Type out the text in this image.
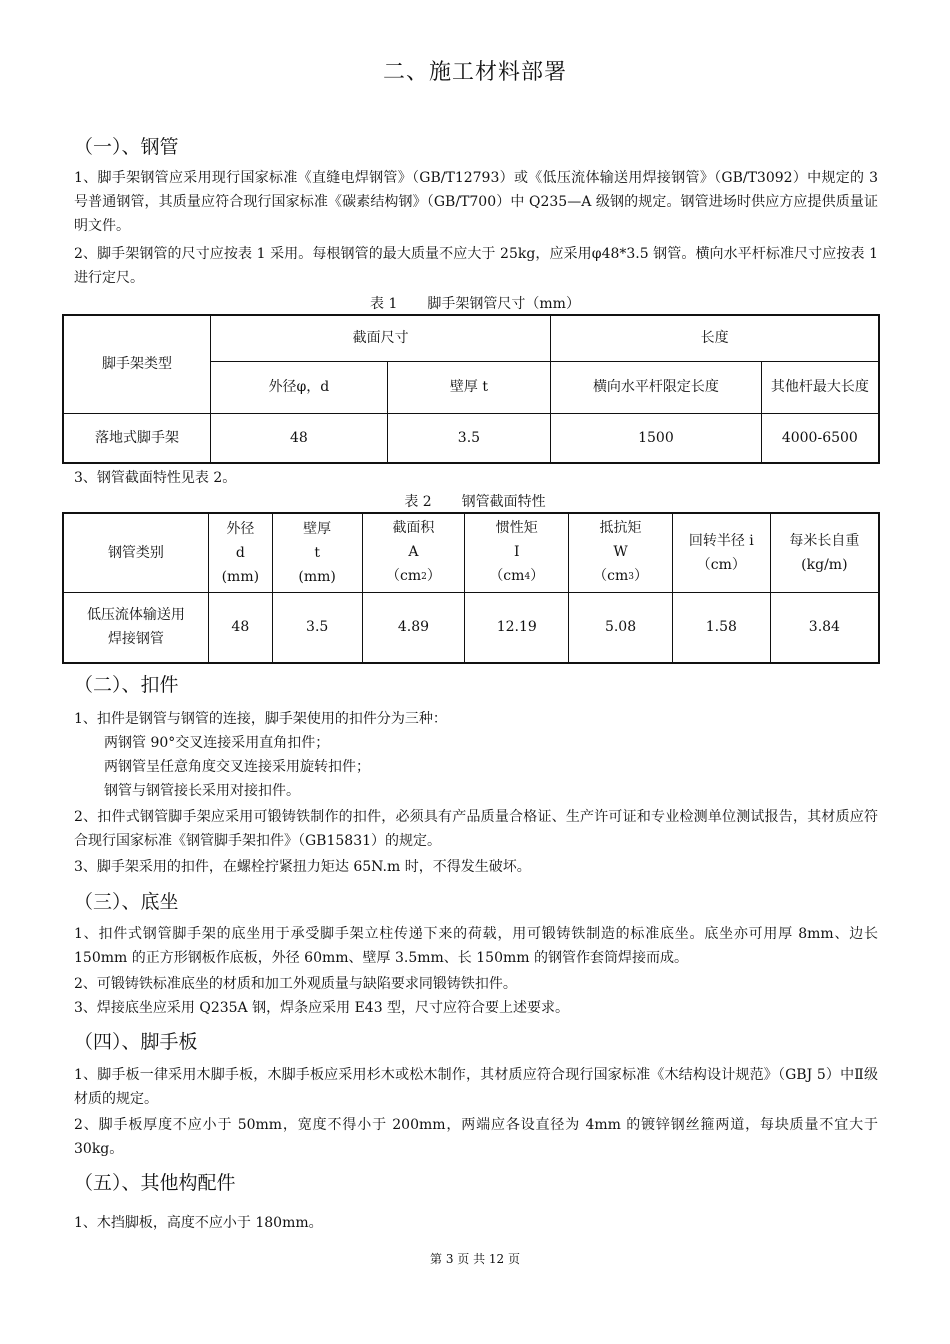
二、施工材料部署
（一）、钢管
1、脚手架钢管应采用现行国家标准《直缝电焊钢管》（GB/T12793）或《低压流体输送用焊接钢管》（GB/T3092）中规定的 3 号普通钢管，其质量应符合现行国家标准《碳素结构钢》（GB/T700）中 Q235—A 级钢的规定。钢管进场时供应方应提供质量证明文件。
2、脚手架钢管的尺寸应按表 1 采用。每根钢管的最大质量不应大于 25kg，应采用φ48*3.5 钢管。横向水平杆标准尺寸应按表 1 进行定尺。
表 1 脚手架钢管尺寸（mm）
脚手架类型	截面尺寸		长度	
	外径φ，d	壁厚 t	横向水平杆限定长度	其他杆最大长度
落地式脚手架	48	3.5	1500	4000-6500
3、钢管截面特性见表 2。
表 2 钢管截面特性
钢管类别	外径
d
(mm)	壁厚
t
(mm)	截面积
A
$(cm^2)$	惯性矩
I
$(cm^4)$	抵抗矩
W
$(cm^3)$	回转半径 i
（cm）	每米长自重
(kg/m)
低压流体输送用
焊接钢管	48	3.5	4.89	12.19	5.08	1.58	3.84
（二）、扣件
1、扣件是钢管与钢管的连接，脚手架使用的扣件分为三种：
两钢管 90°交叉连接采用直角扣件；
两钢管呈任意角度交叉连接采用旋转扣件；
钢管与钢管接长采用对接扣件。
2、扣件式钢管脚手架应采用可锻铸铁制作的扣件，必须具有产品质量合格证、生产许可证和专业检测单位测试报告，其材质应符合现行国家标准《钢管脚手架扣件》（GB15831）的规定。
3、脚手架采用的扣件，在螺栓拧紧扭力矩达 65N.m 时，不得发生破坏。
（三）、底坐
1、扣件式钢管脚手架的底坐用于承受脚手架立柱传递下来的荷载，用可锻铸铁制造的标准底坐。底坐亦可用厚 8mm、边长 150mm 的正方形钢板作底板，外径 60mm、壁厚 3.5mm、长 150mm 的钢管作套筒焊接而成。
2、可锻铸铁标准底坐的材质和加工外观质量与缺陷要求同锻铸铁扣件。
3、焊接底坐应采用 Q235A 钢，焊条应采用 E43 型，尺寸应符合要上述要求。
（四）、脚手板
1、脚手板一律采用木脚手板，木脚手板应采用杉木或松木制作，其材质应符合现行国家标准《木结构设计规范》（GBJ 5）中Ⅱ级材质的规定。
2、脚手板厚度不应小于 50mm，宽度不得小于 200mm，两端应各设直径为 4mm 的镀锌钢丝箍两道，每块质量不宜大于 30kg。
（五）、其他构配件
1、木挡脚板，高度不应小于 180mm。
第 3 页 共 12 页
